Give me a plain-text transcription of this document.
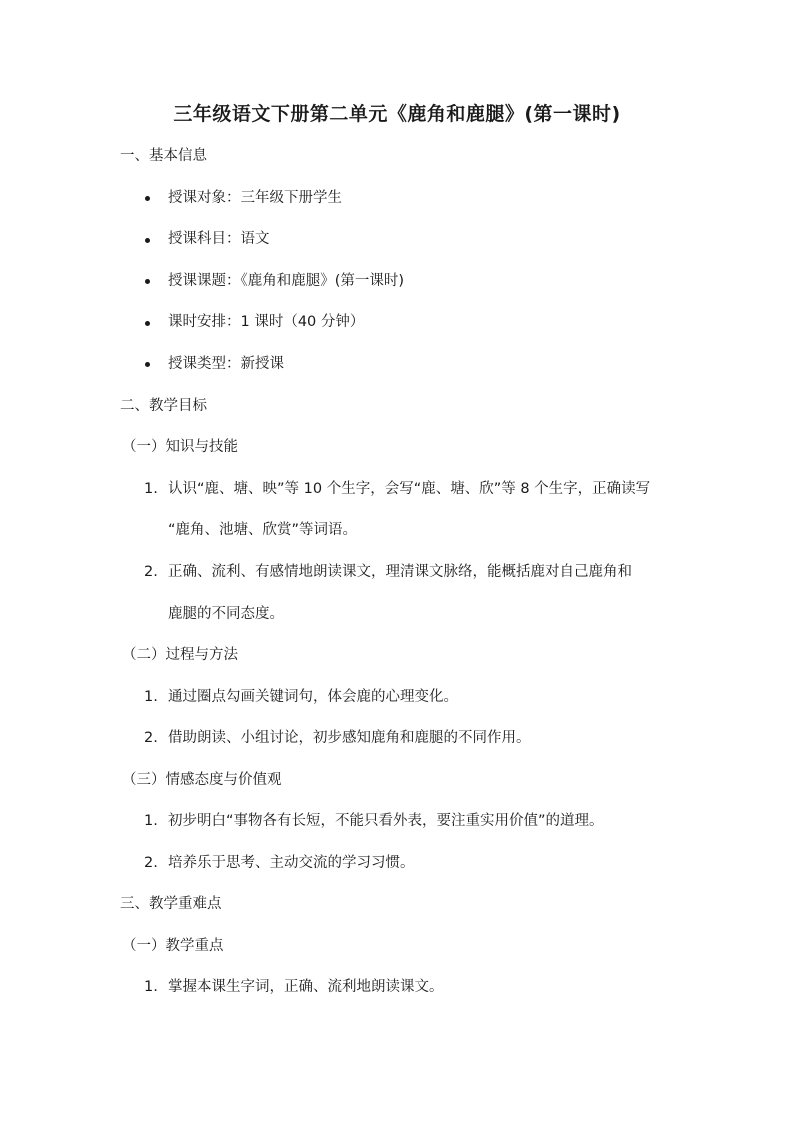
三年级语文下册第二单元《鹿角和鹿腿》(第一课时)
一、基本信息
授课对象：三年级下册学生
授课科目：语文
授课课题：《鹿角和鹿腿》(第一课时)
课时安排：1 课时（40 分钟）
授课类型：新授课
二、教学目标
（一）知识与技能
1. 认识“鹿、塘、映”等 10 个生字，会写“鹿、塘、欣”等 8 个生字，正确读写
“鹿角、池塘、欣赏”等词语。
2. 正确、流利、有感情地朗读课文，理清课文脉络，能概括鹿对自己鹿角和
鹿腿的不同态度。
（二）过程与方法
1. 通过圈点勾画关键词句，体会鹿的心理变化。
2. 借助朗读、小组讨论，初步感知鹿角和鹿腿的不同作用。
（三）情感态度与价值观
1. 初步明白“事物各有长短，不能只看外表，要注重实用价值”的道理。
2. 培养乐于思考、主动交流的学习习惯。
三、教学重难点
（一）教学重点
1. 掌握本课生字词，正确、流利地朗读课文。
